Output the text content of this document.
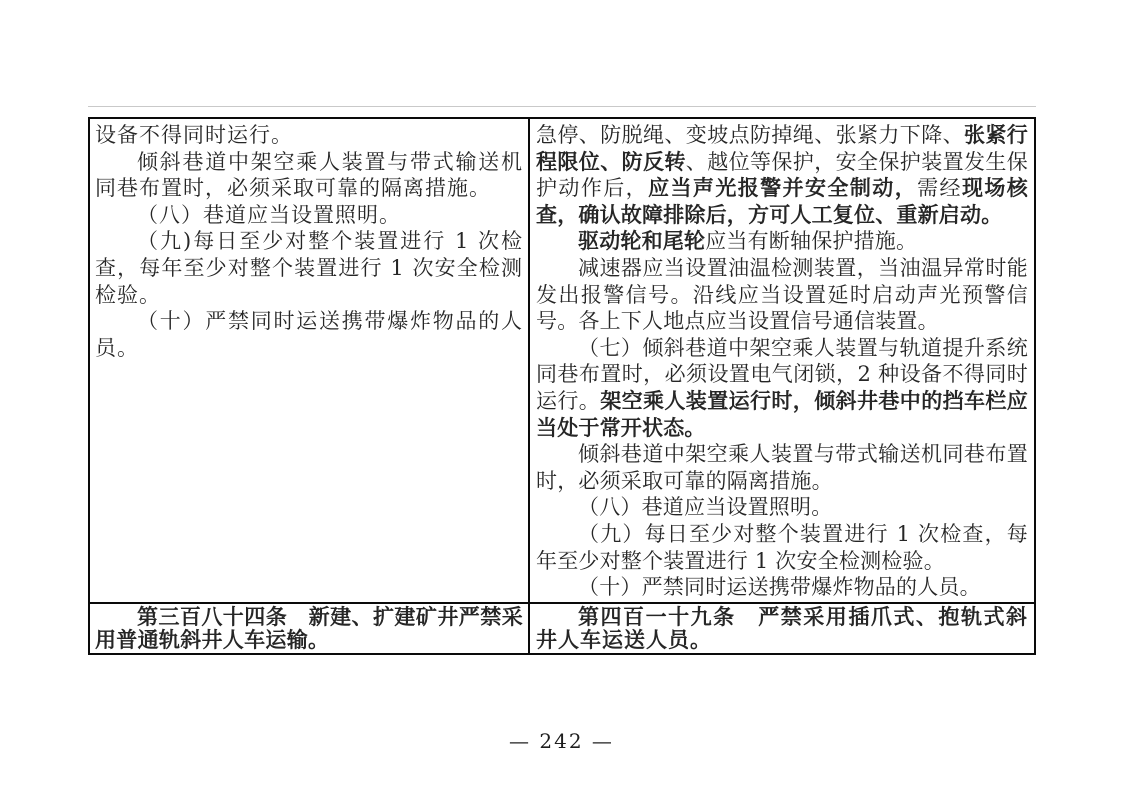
设备不得同时运行。

倾斜巷道中架空乘人装置与带式输送机同巷布置时，必须采取可靠的隔离措施。

（八）巷道应当设置照明。

（九)每日至少对整个装置进行 1 次检查，每年至少对整个装置进行 1 次安全检测检验。

（十）严禁同时运送携带爆炸物品的人员。

急停、防脱绳、变坡点防掉绳、张紧力下降、张紧行程限位、防反转、越位等保护，安全保护装置发生保护动作后，应当声光报警并安全制动，需经现场核查，确认故障排除后，方可人工复位、重新启动。

驱动轮和尾轮应当有断轴保护措施。

减速器应当设置油温检测装置，当油温异常时能发出报警信号。沿线应当设置延时启动声光预警信号。各上下人地点应当设置信号通信装置。

（七）倾斜巷道中架空乘人装置与轨道提升系统同巷布置时，必须设置电气闭锁，2 种设备不得同时运行。架空乘人装置运行时，倾斜井巷中的挡车栏应当处于常开状态。

倾斜巷道中架空乘人装置与带式输送机同巷布置时，必须采取可靠的隔离措施。

（八）巷道应当设置照明。

（九）每日至少对整个装置进行 1 次检查，每年至少对整个装置进行 1 次安全检测检验。

（十）严禁同时运送携带爆炸物品的人员。

第三百八十四条　新建、扩建矿井严禁采用普通轨斜井人车运输。

第四百一十九条　严禁采用插爪式、抱轨式斜井人车运送人员。

— 242 —
